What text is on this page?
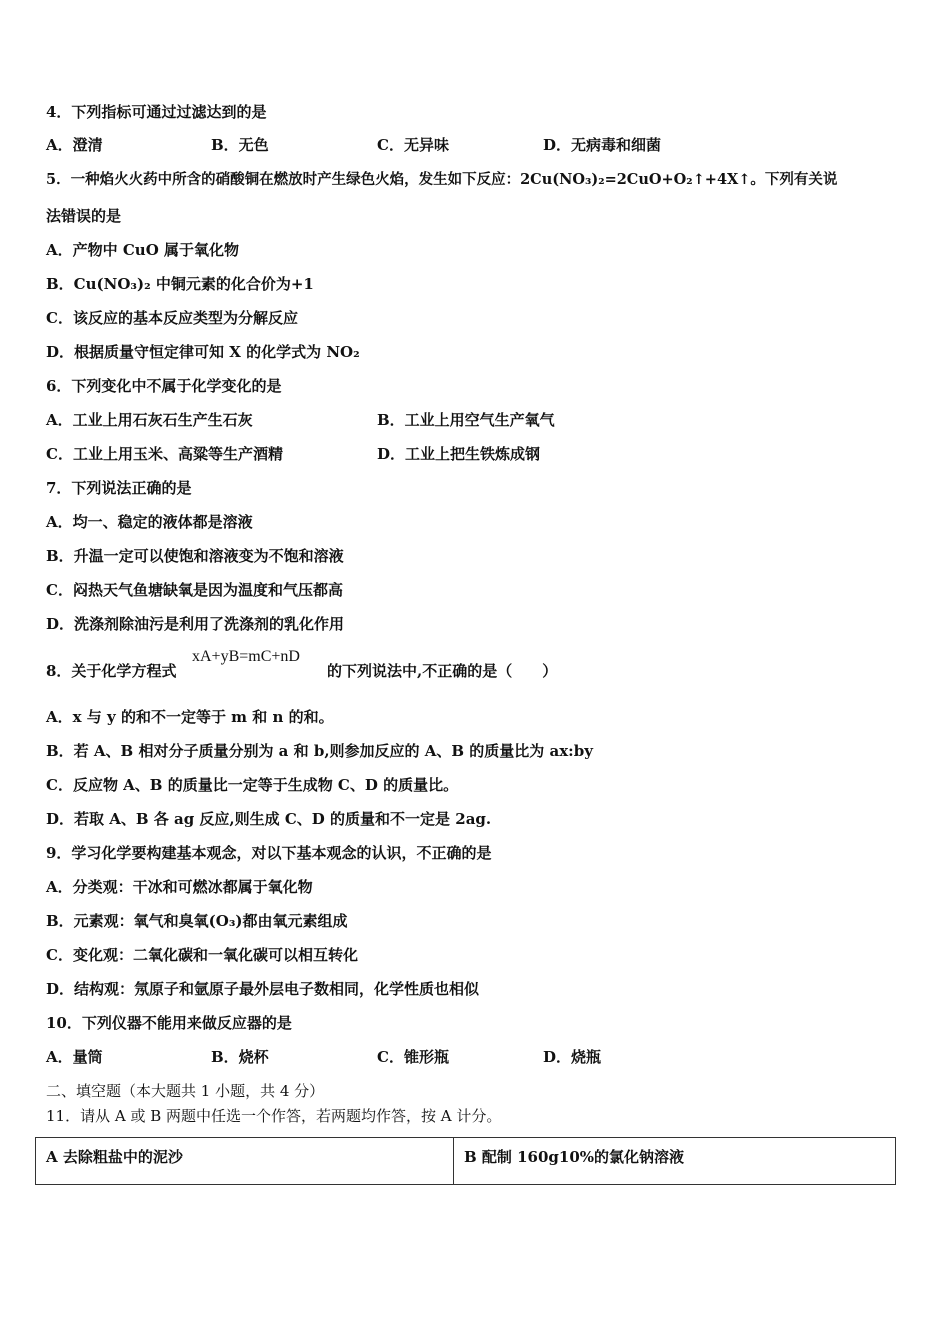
4．下列指标可通过过滤达到的是
A．澄清	B．无色	C．无异味	D．无病毒和细菌
5．一种焰火火药中所含的硝酸铜在燃放时产生绿色火焰，发生如下反应：2Cu(NO₃)₂=2CuO+O₂↑+4X↑。下列有关说
法错误的是
A．产物中 CuO 属于氧化物
B．Cu(NO₃)₂ 中铜元素的化合价为+1
C．该反应的基本反应类型为分解反应
D．根据质量守恒定律可知 X 的化学式为 NO₂
6．下列变化中不属于化学变化的是
A．工业上用石灰石生产生石灰	B．工业上用空气生产氧气
C．工业上用玉米、高粱等生产酒精	D．工业上把生铁炼成钢
7．下列说法正确的是
A．均一、稳定的液体都是溶液
B．升温一定可以使饱和溶液变为不饱和溶液
C．闷热天气鱼塘缺氧是因为温度和气压都高
D．洗涤剂除油污是利用了洗涤剂的乳化作用
8．关于化学方程式
xA+yB=mC+nD
的下列说法中,不正确的是（　　）
A．x 与 y 的和不一定等于 m 和 n 的和。
B．若 A、B 相对分子质量分别为 a 和 b,则参加反应的 A、B 的质量比为 ax:by
C．反应物 A、B 的质量比一定等于生成物 C、D 的质量比。
D．若取 A、B 各 ag 反应,则生成 C、D 的质量和不一定是 2ag.
9．学习化学要构建基本观念，对以下基本观念的认识，不正确的是
A．分类观：干冰和可燃冰都属于氧化物
B．元素观：氧气和臭氧(O₃)都由氧元素组成
C．变化观：二氧化碳和一氧化碳可以相互转化
D．结构观：氖原子和氩原子最外层电子数相同，化学性质也相似
10．下列仪器不能用来做反应器的是
A．量筒	B．烧杯	C．锥形瓶	D．烧瓶
二、填空题（本大题共 1 小题，共 4 分）
11．请从 A 或 B 两题中任选一个作答，若两题均作答，按 A 计分。
A 去除粗盐中的泥沙	B 配制 160g10%的氯化钠溶液
